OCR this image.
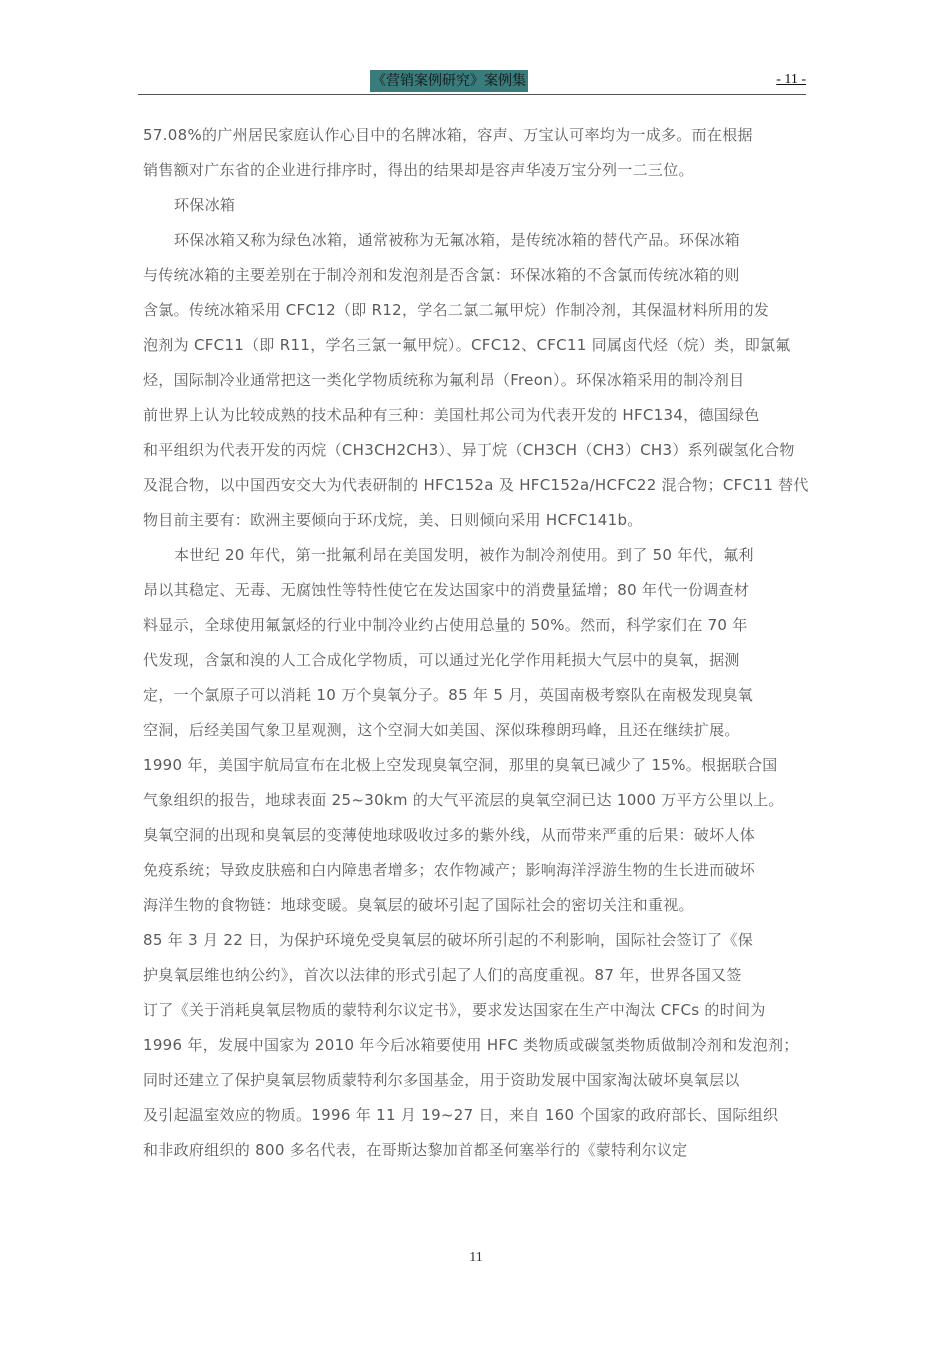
《营销案例研究》案例集	- 11 -
57.08%的广州居民家庭认作心目中的名牌冰箱，容声、万宝认可率均为一成多。而在根据
销售额对广东省的企业进行排序时，得出的结果却是容声华凌万宝分列一二三位。
环保冰箱
环保冰箱又称为绿色冰箱，通常被称为无氟冰箱，是传统冰箱的替代产品。环保冰箱
与传统冰箱的主要差别在于制冷剂和发泡剂是否含氯：环保冰箱的不含氯而传统冰箱的则
含氯。传统冰箱采用 CFC12（即 R12，学名二氯二氟甲烷）作制冷剂，其保温材料所用的发
泡剂为 CFC11（即 R11，学名三氯一氟甲烷）。CFC12、CFC11 同属卤代烃（烷）类，即氯氟
烃，国际制冷业通常把这一类化学物质统称为氟利昂（Freon）。环保冰箱采用的制冷剂目
前世界上认为比较成熟的技术品种有三种：美国杜邦公司为代表开发的 HFC134，德国绿色
和平组织为代表开发的丙烷（CH3CH2CH3）、异丁烷（CH3CH（CH3）CH3）系列碳氢化合物
及混合物，以中国西安交大为代表研制的 HFC152a 及 HFC152a/HCFC22 混合物；CFC11 替代
物目前主要有：欧洲主要倾向于环戊烷，美、日则倾向采用 HCFC141b。
本世纪 20 年代，第一批氟利昂在美国发明，被作为制冷剂使用。到了 50 年代，氟利
昂以其稳定、无毒、无腐蚀性等特性使它在发达国家中的消费量猛增；80 年代一份调查材
料显示，全球使用氟氯烃的行业中制冷业约占使用总量的 50%。然而，科学家们在 70 年
代发现，含氯和溴的人工合成化学物质，可以通过光化学作用耗损大气层中的臭氧，据测
定，一个氯原子可以消耗 10 万个臭氧分子。85 年 5 月，英国南极考察队在南极发现臭氧
空洞，后经美国气象卫星观测，这个空洞大如美国、深似珠穆朗玛峰，且还在继续扩展。
1990 年，美国宇航局宣布在北极上空发现臭氧空洞，那里的臭氧已减少了 15%。根据联合国
气象组织的报告，地球表面 25~30km 的大气平流层的臭氧空洞已达 1000 万平方公里以上。
臭氧空洞的出现和臭氧层的变薄使地球吸收过多的紫外线，从而带来严重的后果：破坏人体
免疫系统；导致皮肤癌和白内障患者增多；农作物减产；影响海洋浮游生物的生长进而破坏
海洋生物的食物链：地球变暖。臭氧层的破坏引起了国际社会的密切关注和重视。
85 年 3 月 22 日，为保护环境免受臭氧层的破坏所引起的不利影响，国际社会签订了《保
护臭氧层维也纳公约》，首次以法律的形式引起了人们的高度重视。87 年，世界各国又签
订了《关于消耗臭氧层物质的蒙特利尔议定书》，要求发达国家在生产中淘汰 CFCs 的时间为
1996 年，发展中国家为 2010 年今后冰箱要使用 HFC 类物质或碳氢类物质做制冷剂和发泡剂；
同时还建立了保护臭氧层物质蒙特利尔多国基金，用于资助发展中国家淘汰破坏臭氧层以
及引起温室效应的物质。1996 年 11 月 19~27 日，来自 160 个国家的政府部长、国际组织
和非政府组织的 800 多名代表，在哥斯达黎加首都圣何塞举行的《蒙特利尔议定
11
